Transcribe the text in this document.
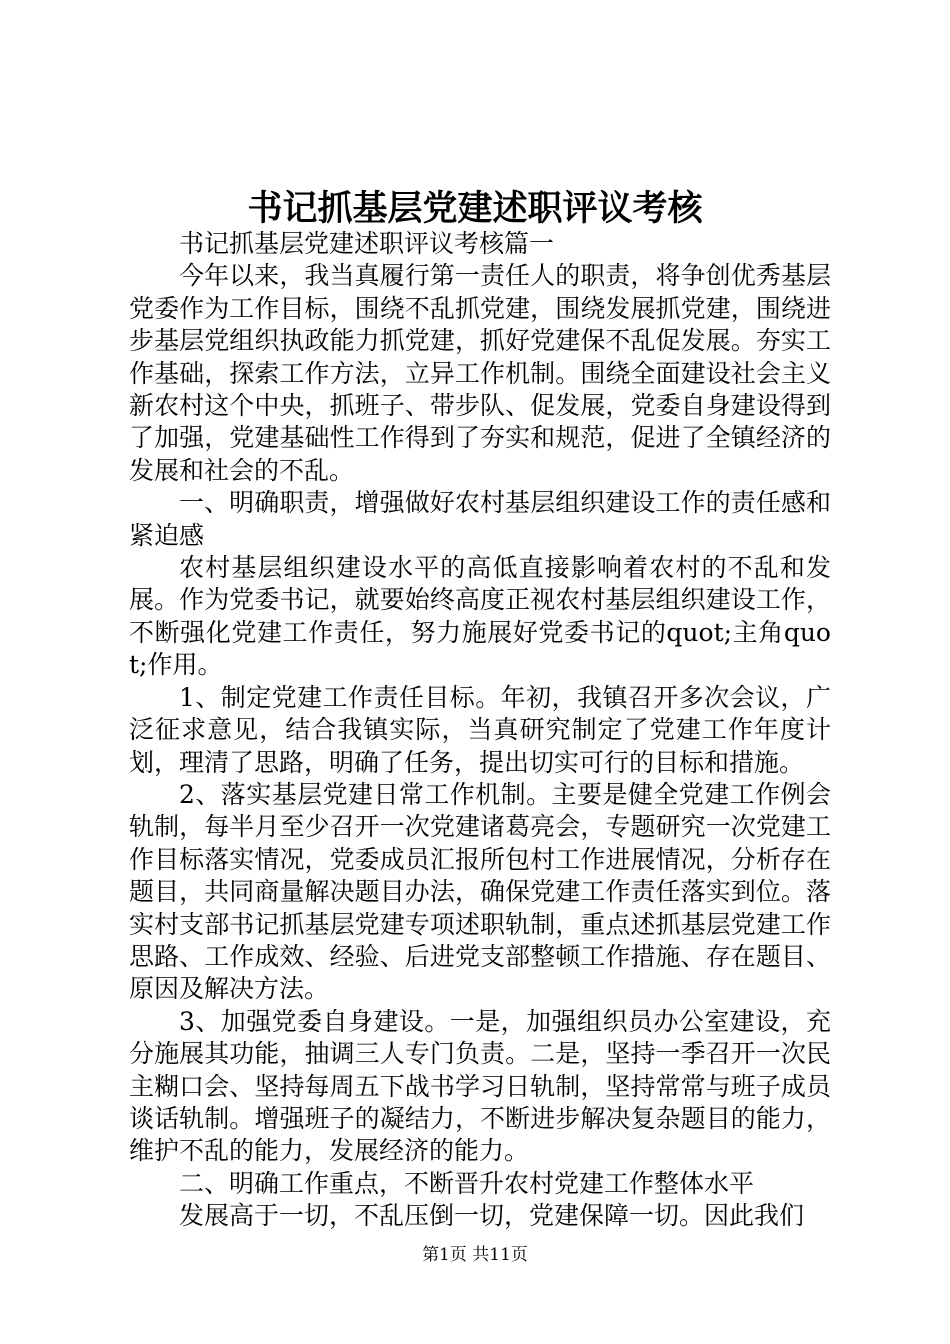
书记抓基层党建述职评议考核

书记抓基层党建述职评议考核篇一

今年以来，我当真履行第一责任人的职责，将争创优秀基层党委作为工作目标，围绕不乱抓党建，围绕发展抓党建，围绕进步基层党组织执政能力抓党建，抓好党建保不乱促发展。夯实工作基础，探索工作方法，立异工作机制。围绕全面建设社会主义新农村这个中央，抓班子、带步队、促发展，党委自身建设得到了加强，党建基础性工作得到了夯实和规范，促进了全镇经济的发展和社会的不乱。

一、明确职责，增强做好农村基层组织建设工作的责任感和紧迫感

农村基层组织建设水平的高低直接影响着农村的不乱和发展。作为党委书记，就要始终高度正视农村基层组织建设工作，不断强化党建工作责任，努力施展好党委书记的quot;主角quot;作用。

1、制定党建工作责任目标。年初，我镇召开多次会议，广泛征求意见，结合我镇实际，当真研究制定了党建工作年度计划，理清了思路，明确了任务，提出切实可行的目标和措施。

2、落实基层党建日常工作机制。主要是健全党建工作例会轨制，每半月至少召开一次党建诸葛亮会，专题研究一次党建工作目标落实情况，党委成员汇报所包村工作进展情况，分析存在题目，共同商量解决题目办法，确保党建工作责任落实到位。落实村支部书记抓基层党建专项述职轨制，重点述抓基层党建工作思路、工作成效、经验、后进党支部整顿工作措施、存在题目、原因及解决方法。

3、加强党委自身建设。一是，加强组织员办公室建设，充分施展其功能，抽调三人专门负责。二是，坚持一季召开一次民主糊口会、坚持每周五下战书学习日轨制，坚持常常与班子成员谈话轨制。增强班子的凝结力，不断进步解决复杂题目的能力，维护不乱的能力，发展经济的能力。

二、明确工作重点，不断晋升农村党建工作整体水平

发展高于一切，不乱压倒一切，党建保障一切。因此我们

第1页 共11页
